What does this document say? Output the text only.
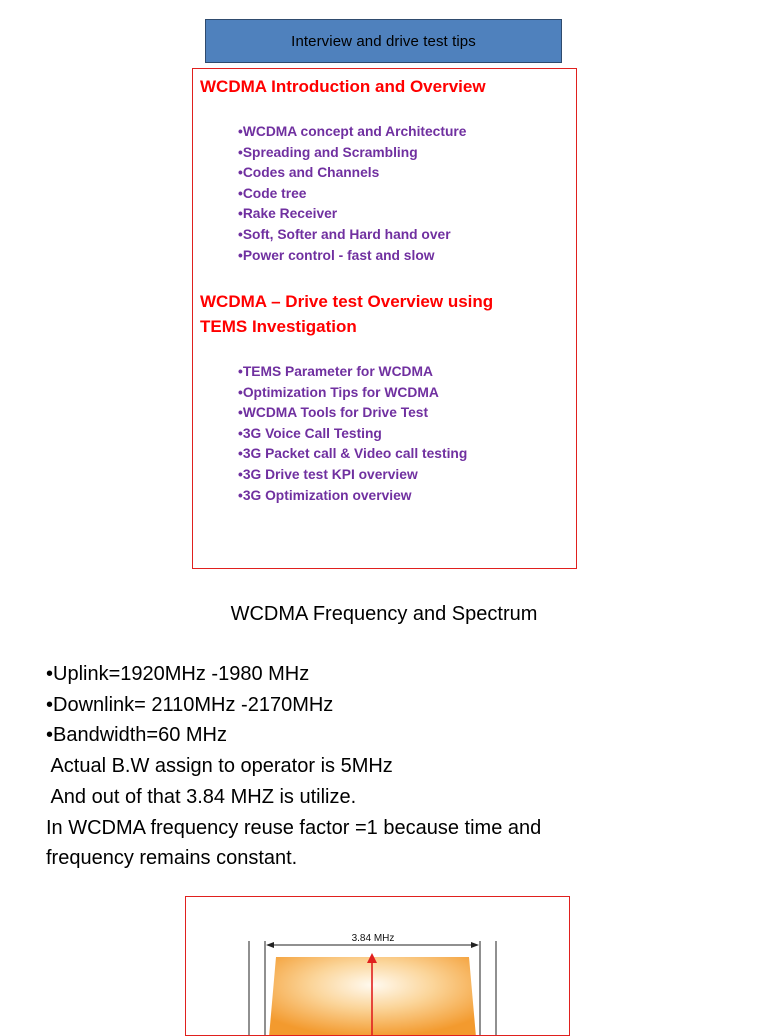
Interview and drive test tips

WCDMA Introduction and Overview

•WCDMA concept and Architecture
•Spreading and Scrambling
•Codes and Channels
•Code tree
•Rake Receiver
•Soft, Softer and Hard hand over
•Power control - fast and slow

WCDMA – Drive test Overview using

TEMS Investigation

•TEMS Parameter for WCDMA
•Optimization Tips for WCDMA
•WCDMA Tools for Drive Test
•3G Voice Call Testing
•3G Packet call & Video call testing
•3G Drive test KPI overview
•3G Optimization overview
WCDMA Frequency and Spectrum
•Uplink=1920MHz -1980 MHz
•Downlink= 2110MHz -2170MHz
•Bandwidth=60 MHz
Actual B.W assign to operator is 5MHz
And out of that 3.84 MHZ is utilize.
In WCDMA frequency reuse factor =1 because time and
frequency remains constant.
3.84 MHz
